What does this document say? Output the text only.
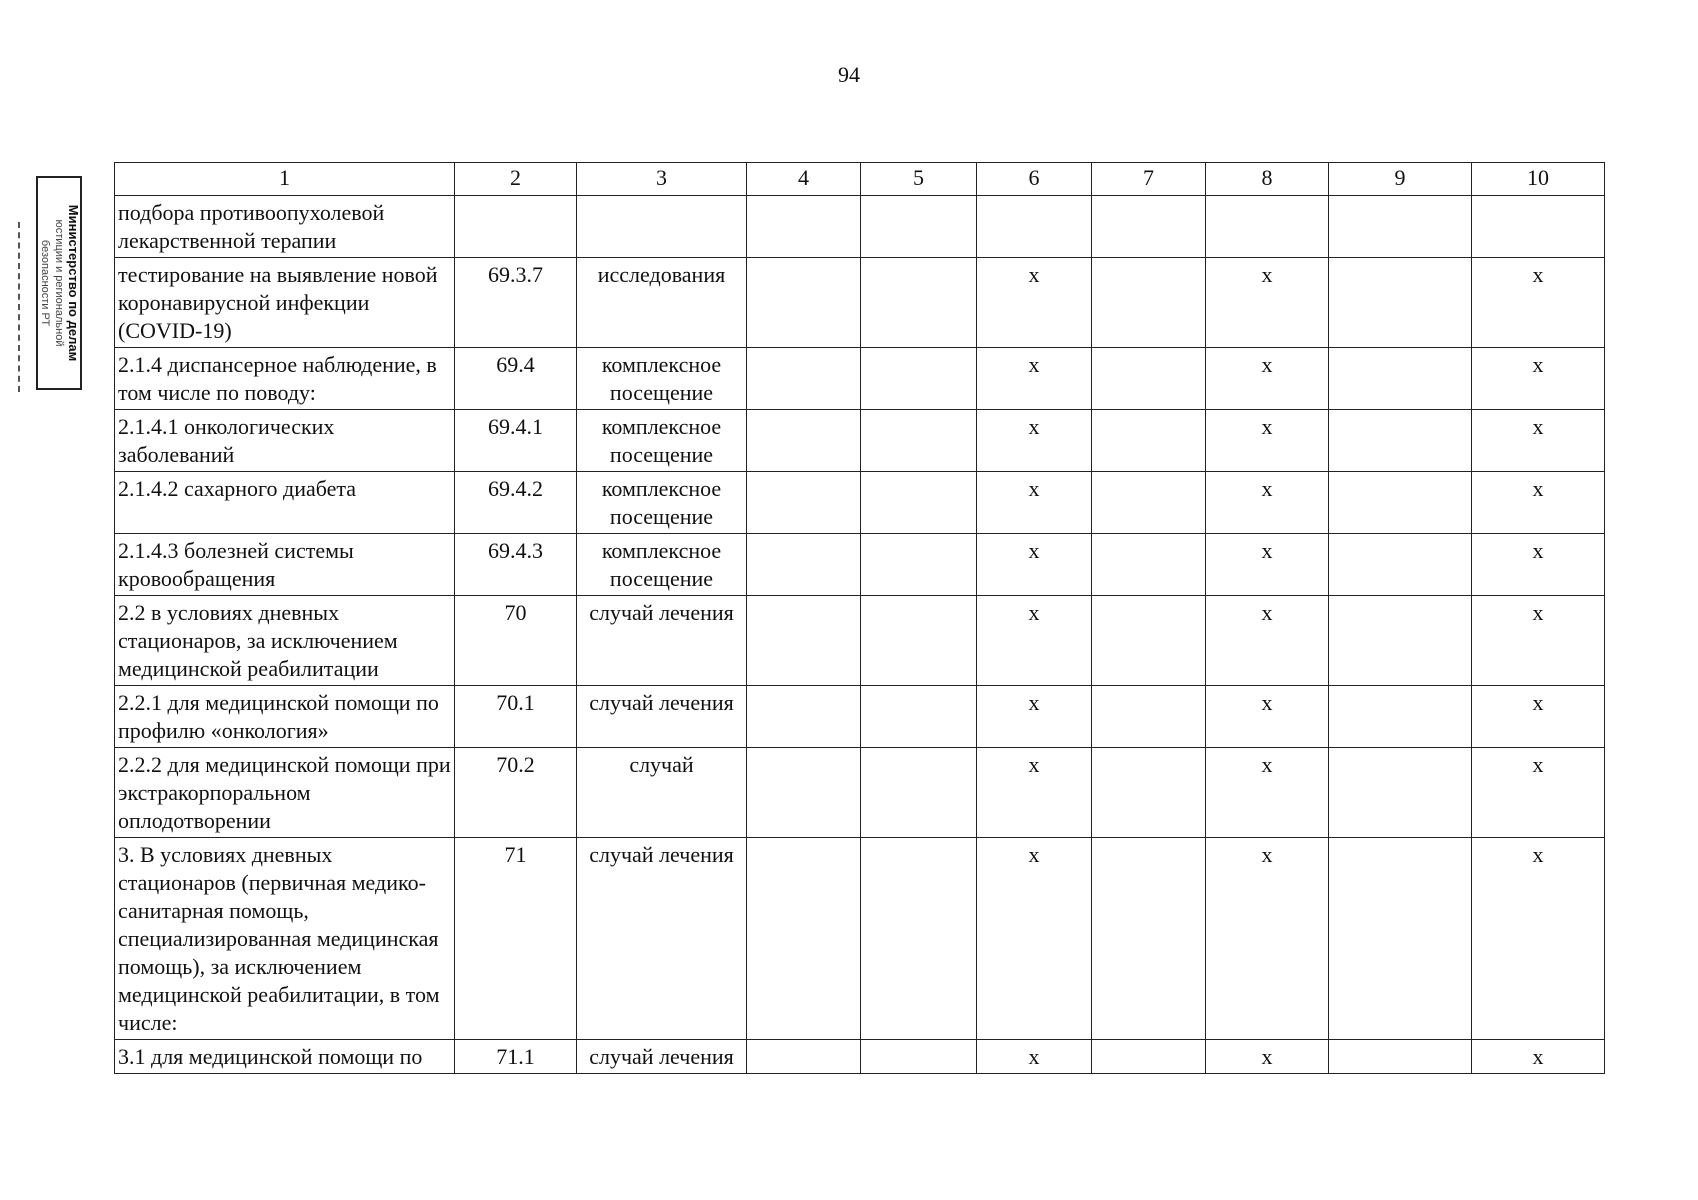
94
Министерство по делам
юстиции и региональной
безопасности РТ
1	2	3	4	5	6	7	8	9	10
подбора противоопухолевой лекарственной терапии									
тестирование на выявление новой коронавирусной инфекции (COVID-19)	69.3.7	исследования			х		х		х
2.1.4 диспансерное наблюдение, в том числе по поводу:	69.4	комплексное посещение			х		х		х
2.1.4.1 онкологических заболеваний	69.4.1	комплексное посещение			х		х		х
2.1.4.2 сахарного диабета	69.4.2	комплексное посещение			х		х		х
2.1.4.3 болезней системы кровообращения	69.4.3	комплексное посещение			х		х		х
2.2 в условиях дневных стационаров, за исключением медицинской реабилитации	70	случай лечения			х		х		х
2.2.1 для медицинской помощи по профилю «онкология»	70.1	случай лечения			х		х		х
2.2.2 для медицинской помощи при экстракорпоральном оплодотворении	70.2	случай			х		х		х
3. В условиях дневных стационаров (первичная медико-санитарная помощь, специализированная медицинская помощь), за исключением медицинской реабилитации, в том числе:	71	случай лечения			х		х		х
3.1 для медицинской помощи по	71.1	случай лечения			х		х		х
